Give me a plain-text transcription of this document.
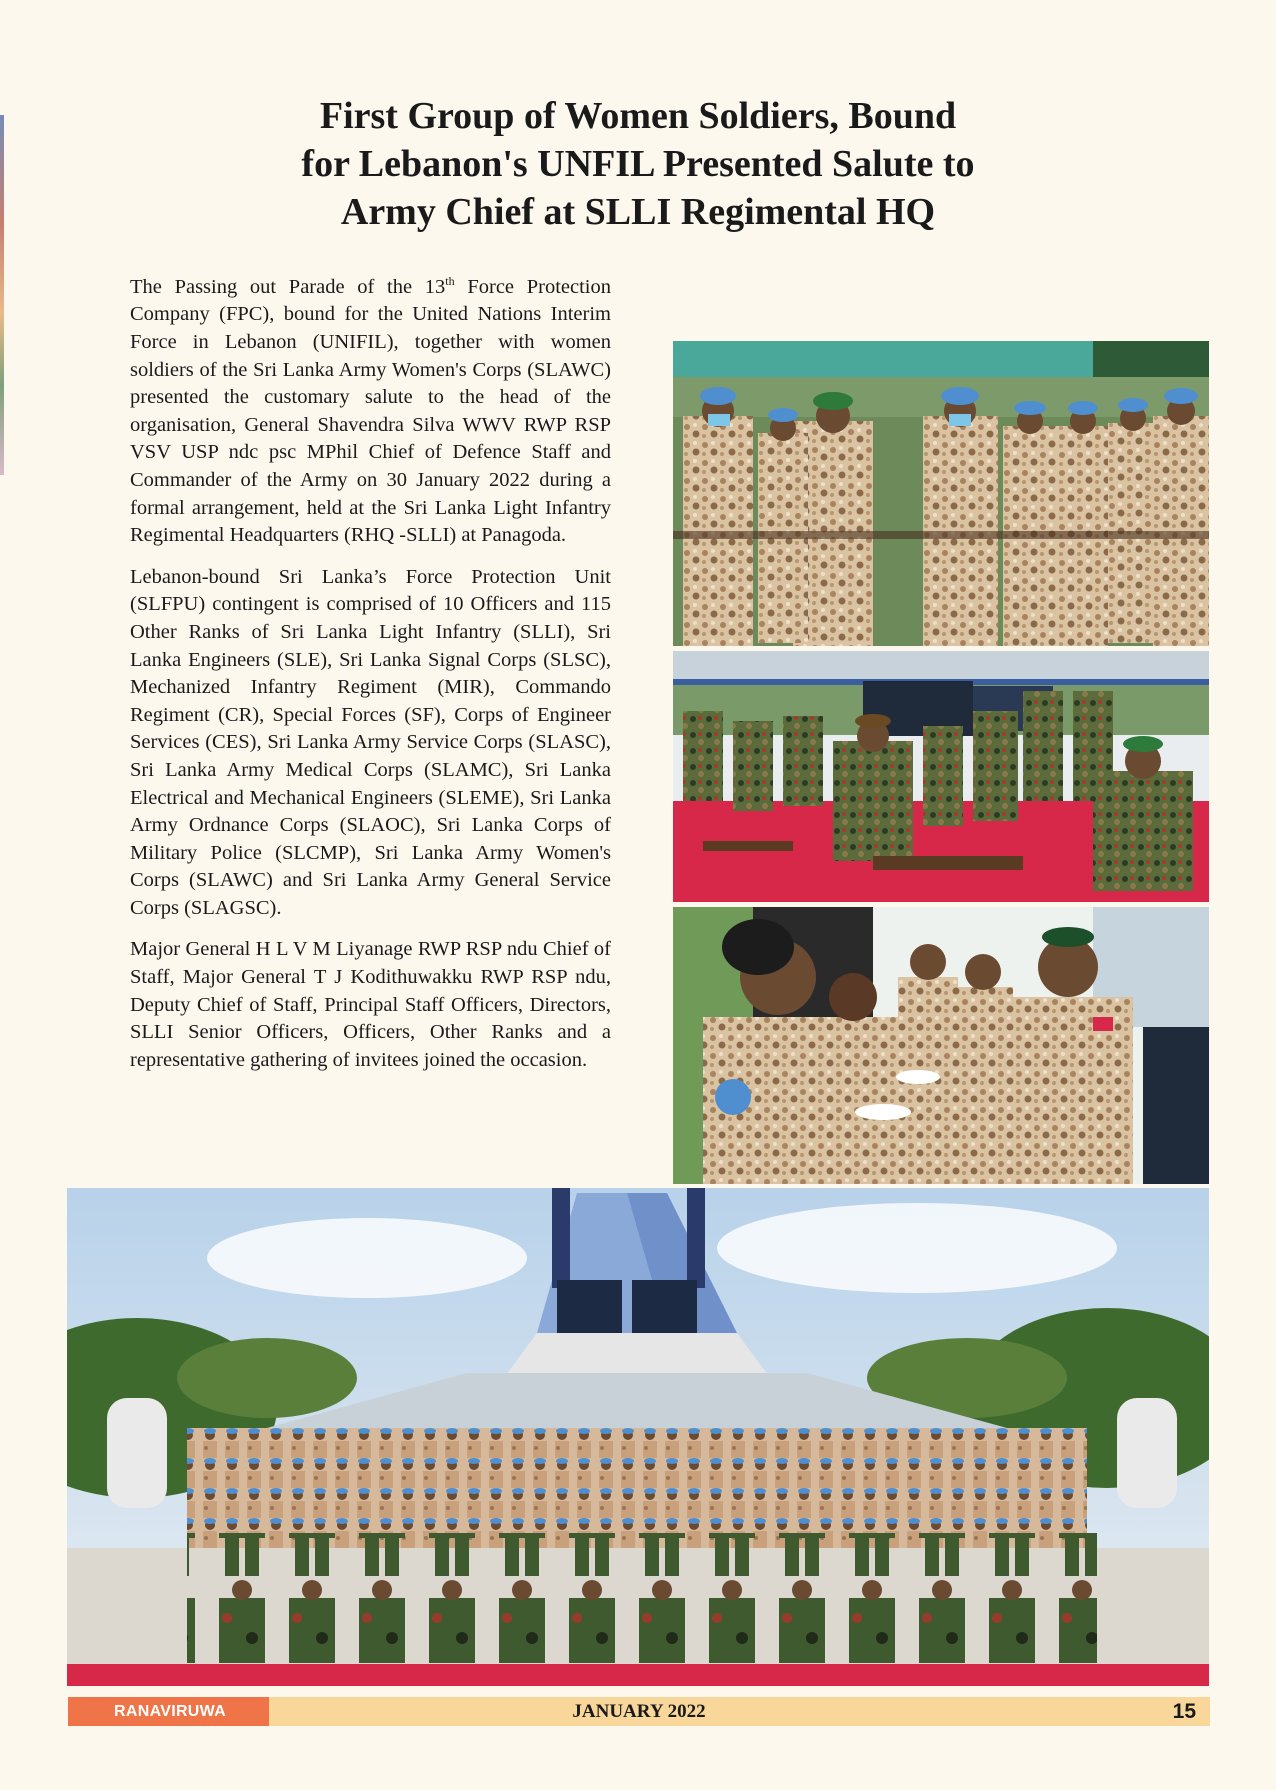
First Group of Women Soldiers, Bound
for Lebanon's UNFIL Presented Salute to
Army Chief at SLLI Regimental HQ

The Passing out Parade of the 13th Force Protection Company (FPC), bound for the United Nations Interim Force in Lebanon (UNIFIL), together with women soldiers of the Sri Lanka Army Women's Corps (SLAWC) presented the customary salute to the head of the organisation, General Shavendra Silva WWV RWP RSP VSV USP ndc psc MPhil Chief of Defence Staff and Commander of the Army on 30 January 2022 during a formal arrangement, held at the Sri Lanka Light Infantry Regimental Headquarters (RHQ -SLLI) at Panagoda.

Lebanon-bound Sri Lanka’s Force Protection Unit (SLFPU) contingent is comprised of 10 Officers and 115 Other Ranks of Sri Lanka Light Infantry (SLLI), Sri Lanka Engineers (SLE), Sri Lanka Signal Corps (SLSC), Mechanized Infantry Regiment (MIR), Commando Regiment (CR), Special Forces (SF), Corps of Engineer Services (CES), Sri Lanka Army Service Corps (SLASC), Sri Lanka Army Medical Corps (SLAMC), Sri Lanka Electrical and Mechanical Engineers (SLEME), Sri Lanka Army Ordnance Corps (SLAOC), Sri Lanka Corps of Military Police (SLCMP), Sri Lanka Army Women's Corps (SLAWC) and Sri Lanka Army General Service Corps (SLAGSC).

Major General H L V M Liyanage RWP RSP ndu Chief of Staff, Major General T J Kodithuwakku RWP RSP ndu, Deputy Chief of Staff, Principal Staff Officers, Directors, SLLI Senior Officers, Officers, Other Ranks and a representative gathering of invitees joined the occasion.

JANUARY 2022
RANAVIRUWA	15
